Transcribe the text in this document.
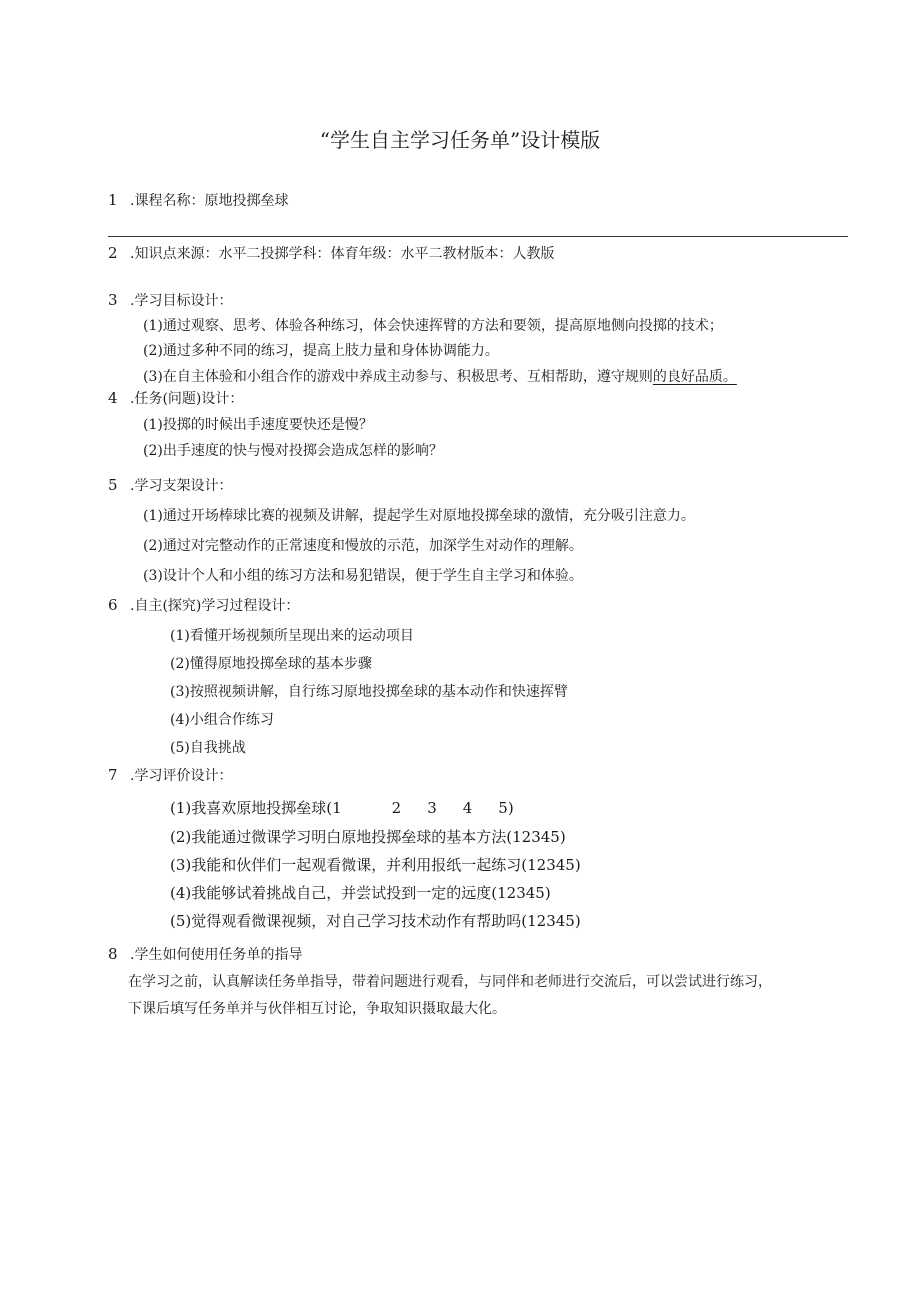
“学生自主学习任务单”设计模版
1 .课程名称：原地投掷垒球
2 .知识点来源：水平二投掷学科：体育年级：水平二教材版本：人教版
3 .学习目标设计：
(1)通过观察、思考、体验各种练习，体会快速挥臂的方法和要领，提高原地侧向投掷的技术；
(2)通过多种不同的练习，提高上肢力量和身体协调能力。
(3)在自主体验和小组合作的游戏中养成主动参与、积极思考、互相帮助，遵守规则的良好品质。
4 .任务(问题)设计：
(1)投掷的时候出手速度要快还是慢？
(2)出手速度的快与慢对投掷会造成怎样的影响？
5 .学习支架设计：
(1)通过开场棒球比赛的视频及讲解，提起学生对原地投掷垒球的激情，充分吸引注意力。
(2)通过对完整动作的正常速度和慢放的示范，加深学生对动作的理解。
(3)设计个人和小组的练习方法和易犯错误，便于学生自主学习和体验。
6 .自主(探究)学习过程设计：
(1)看懂开场视频所呈现出来的运动项目
(2)懂得原地投掷垒球的基本步骤
(3)按照视频讲解，自行练习原地投掷垒球的基本动作和快速挥臂
(4)小组合作练习
(5)自我挑战
7 .学习评价设计：
(1)我喜欢原地投掷垒球(1	2 3 4 5)
(2)我能通过微课学习明白原地投掷垒球的基本方法(12345)
(3)我能和伙伴们一起观看微课，并利用报纸一起练习(12345)
(4)我能够试着挑战自己，并尝试投到一定的远度(12345)
(5)觉得观看微课视频，对自己学习技术动作有帮助吗(12345)
8 .学生如何使用任务单的指导
在学习之前，认真解读任务单指导，带着问题进行观看，与同伴和老师进行交流后，可以尝试进行练习，
下课后填写任务单并与伙伴相互讨论，争取知识摄取最大化。
